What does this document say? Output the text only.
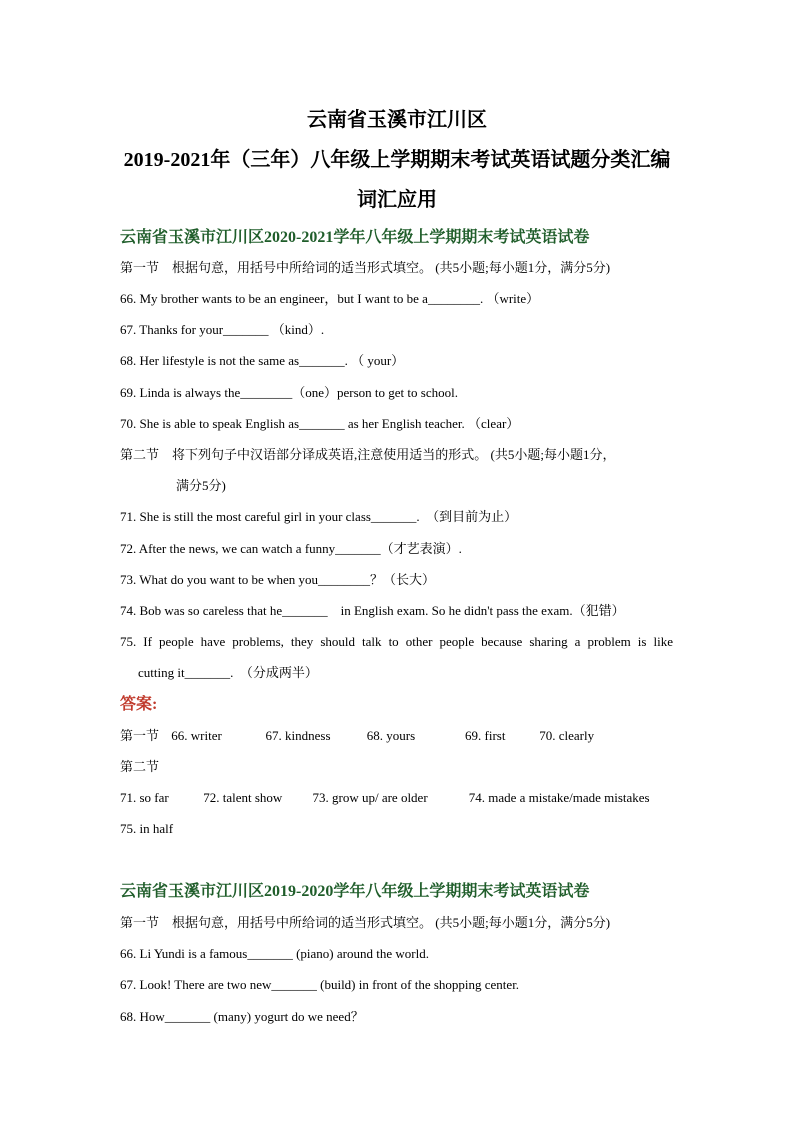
云南省玉溪市江川区
2019-2021年（三年）八年级上学期期末考试英语试题分类汇编
词汇应用
云南省玉溪市江川区2020-2021学年八年级上学期期末考试英语试卷
第一节　根据句意，用括号中所给词的适当形式填空。 (共5小题;每小题1分，满分5分)
66. My brother wants to be an engineer，but I want to be a________. （write）
67. Thanks for your_______ （kind）.
68. Her lifestyle is not the same as_______. （ your）
69. Linda is always the________（one）person to get to school.
70. She is able to speak English as_______ as her English teacher. （clear）
第二节　将下列句子中汉语部分译成英语,注意使用适当的形式。 (共5小题;每小题1分，
满分5分)
71. She is still the most careful girl in your class_______.　（到目前为止）
72. After the news, we can watch a funny_______（才艺表演）.
73. What do you want to be when you________？（长大）
74. Bob was so careless that he_______　in English exam. So he didn't pass the exam.（犯错）
75. If people have problems, they should talk to other people because sharing a problem is like
cutting it_______.　（分成两半）
答案:
第一节 66. writer	67. kindness	68. yours	69. first	70. clearly
第二节
71. so far	72. talent show 73. grow up/ are older	74. made a mistake/made mistakes
75. in half
云南省玉溪市江川区2019-2020学年八年级上学期期末考试英语试卷
第一节　根据句意，用括号中所给词的适当形式填空。 (共5小题;每小题1分，满分5分)
66. Li Yundi is a famous_______ (piano) around the world.
67. Look! There are two new_______ (build) in front of the shopping center.
68. How_______ (many) yogurt do we need？
